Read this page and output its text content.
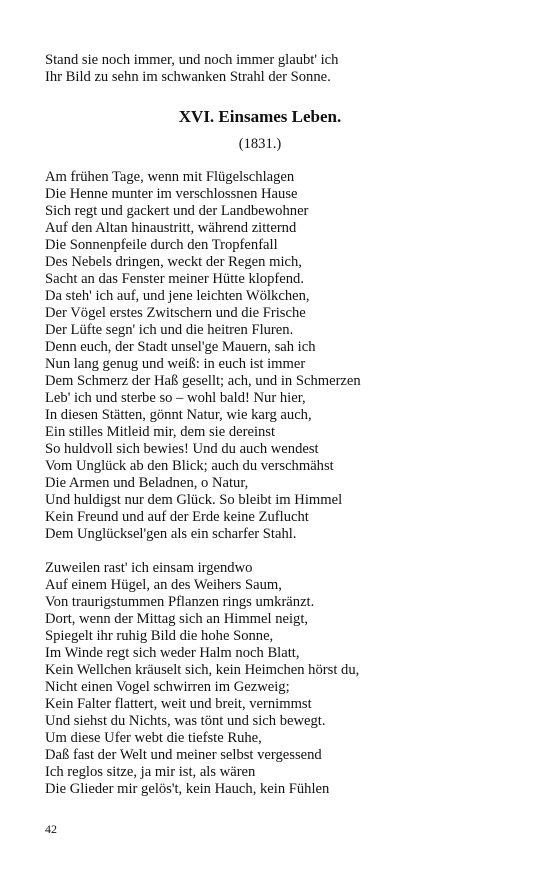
Stand sie noch immer, und noch immer glaubt' ich
Ihr Bild zu sehn im schwanken Strahl der Sonne.
XVI. Einsames Leben.
(1831.)
Am frühen Tage, wenn mit Flügelschlagen
Die Henne munter im verschlossnen Hause
Sich regt und gackert und der Landbewohner
Auf den Altan hinaustritt, während zitternd
Die Sonnenpfeile durch den Tropfenfall
Des Nebels dringen, weckt der Regen mich,
Sacht an das Fenster meiner Hütte klopfend.
Da steh' ich auf, und jene leichten Wölkchen,
Der Vögel erstes Zwitschern und die Frische
Der Lüfte segn' ich und die heitren Fluren.
Denn euch, der Stadt unsel'ge Mauern, sah ich
Nun lang genug und weiß: in euch ist immer
Dem Schmerz der Haß gesellt; ach, und in Schmerzen
Leb' ich und sterbe so – wohl bald! Nur hier,
In diesen Stätten, gönnt Natur, wie karg auch,
Ein stilles Mitleid mir, dem sie dereinst
So huldvoll sich bewies! Und du auch wendest
Vom Unglück ab den Blick; auch du verschmähst
Die Armen und Beladnen, o Natur,
Und huldigst nur dem Glück. So bleibt im Himmel
Kein Freund und auf der Erde keine Zuflucht
Dem Unglücksel'gen als ein scharfer Stahl.
Zuweilen rast' ich einsam irgendwo
Auf einem Hügel, an des Weihers Saum,
Von traurigstummen Pflanzen rings umkränzt.
Dort, wenn der Mittag sich an Himmel neigt,
Spiegelt ihr ruhig Bild die hohe Sonne,
Im Winde regt sich weder Halm noch Blatt,
Kein Wellchen kräuselt sich, kein Heimchen hörst du,
Nicht einen Vogel schwirren im Gezweig;
Kein Falter flattert, weit und breit, vernimmst
Und siehst du Nichts, was tönt und sich bewegt.
Um diese Ufer webt die tiefste Ruhe,
Daß fast der Welt und meiner selbst vergessend
Ich reglos sitze, ja mir ist, als wären
Die Glieder mir gelös't, kein Hauch, kein Fühlen
42
